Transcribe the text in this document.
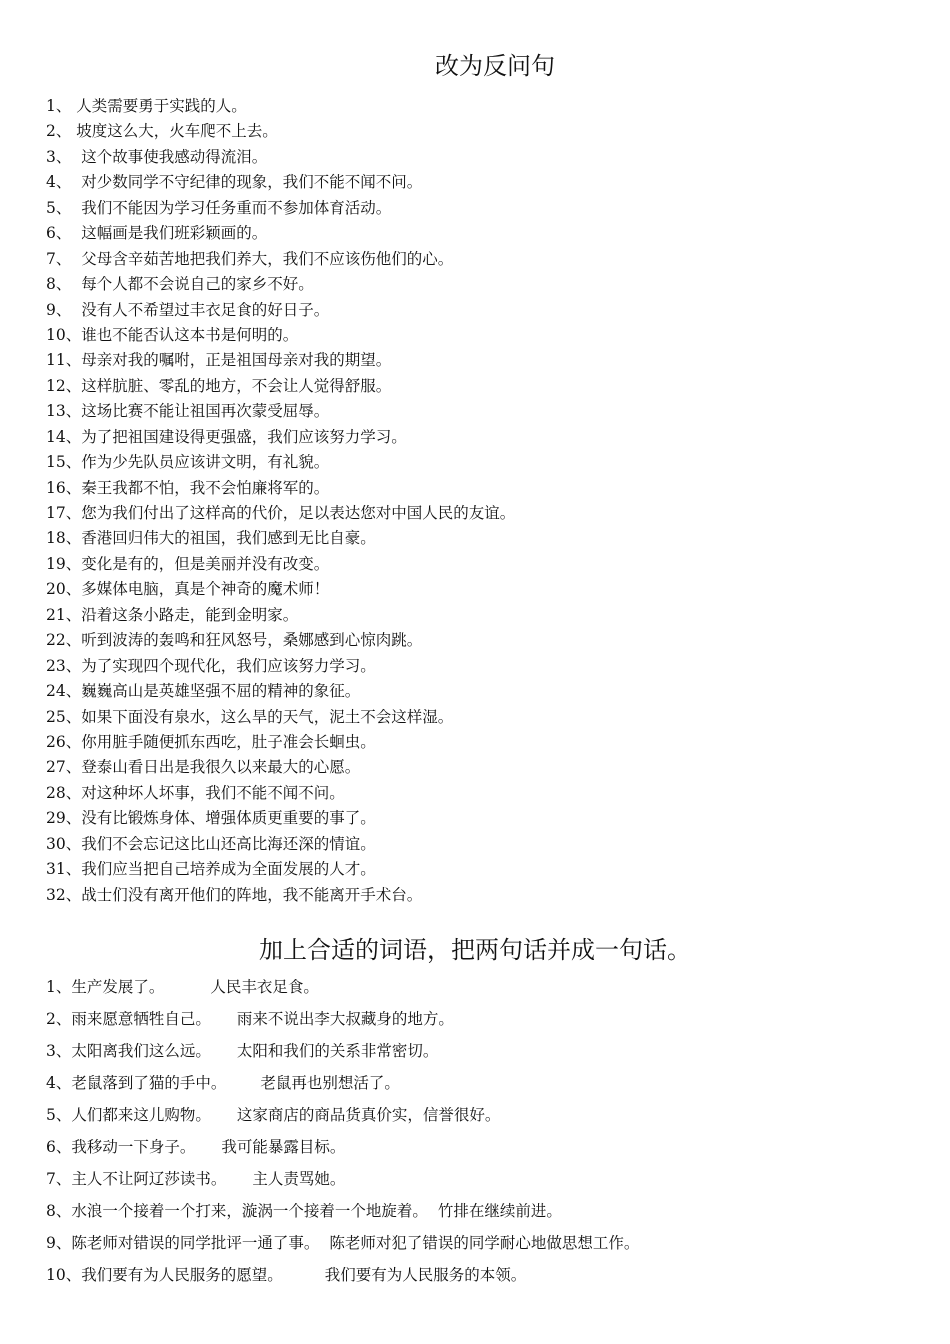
改为反问句
1、 人类需要勇于实践的人。
2、 坡度这么大，火车爬不上去。
3、  这个故事使我感动得流泪。
4、  对少数同学不守纪律的现象，我们不能不闻不问。
5、  我们不能因为学习任务重而不参加体育活动。
6、  这幅画是我们班彩颖画的。
7、  父母含辛茹苦地把我们养大，我们不应该伤他们的心。
8、  每个人都不会说自己的家乡不好。
9、  没有人不希望过丰衣足食的好日子。
10、谁也不能否认这本书是何明的。
11、母亲对我的嘱咐，正是祖国母亲对我的期望。
12、这样肮脏、零乱的地方，不会让人觉得舒服。
13、这场比赛不能让祖国再次蒙受屈辱。
14、为了把祖国建设得更强盛，我们应该努力学习。
15、作为少先队员应该讲文明，有礼貌。
16、秦王我都不怕，我不会怕廉将军的。
17、您为我们付出了这样高的代价，足以表达您对中国人民的友谊。
18、香港回归伟大的祖国，我们感到无比自豪。
19、变化是有的，但是美丽并没有改变。
20、多媒体电脑，真是个神奇的魔术师！
21、沿着这条小路走，能到金明家。
22、听到波涛的轰鸣和狂风怒号，桑娜感到心惊肉跳。
23、为了实现四个现代化，我们应该努力学习。
24、巍巍高山是英雄坚强不屈的精神的象征。
25、如果下面没有泉水，这么旱的天气，泥土不会这样湿。
26、你用脏手随便抓东西吃，肚子准会长蛔虫。
27、登泰山看日出是我很久以来最大的心愿。
28、对这种坏人坏事，我们不能不闻不问。
29、没有比锻炼身体、增强体质更重要的事了。
30、我们不会忘记这比山还高比海还深的情谊。
31、我们应当把自己培养成为全面发展的人才。
32、战士们没有离开他们的阵地，我不能离开手术台。
加上合适的词语，把两句话并成一句话。
1、生产发展了。	人民丰衣足食。
2、雨来愿意牺牲自己。 雨来不说出李大叔藏身的地方。
3、太阳离我们这么远。 太阳和我们的关系非常密切。
4、老鼠落到了猫的手中。 老鼠再也别想活了。
5、人们都来这儿购物。 这家商店的商品货真价实，信誉很好。
6、我移动一下身子。 我可能暴露目标。
7、主人不让阿辽莎读书。 主人责骂她。
8、水浪一个接着一个打来，漩涡一个接着一个地旋着。 竹排在继续前进。
9、陈老师对错误的同学批评一通了事。 陈老师对犯了错误的同学耐心地做思想工作。
10、我们要有为人民服务的愿望。	我们要有为人民服务的本领。
